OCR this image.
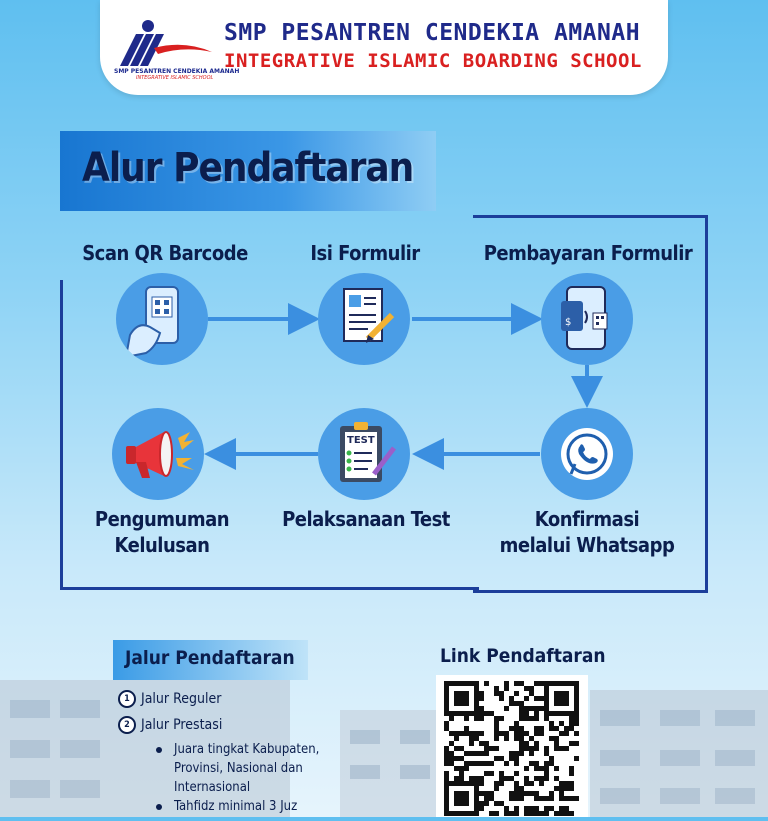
SMP PESANTREN CENDEKIA AMANAH
INTEGRATIVE ISLAMIC SCHOOL
SMP PESANTREN CENDEKIA AMANAH
INTEGRATIVE ISLAMIC BOARDING SCHOOL
Alur Pendaftaran
Scan QR Barcode	Isi Formulir	Pembayaran Formulir
$
TEST
Pengumuman
Kelulusan
Pelaksanaan Test	Konfirmasi
melalui Whatsapp
Jalur Pendaftaran
1 Jalur Reguler
2 Jalur Prestasi
Juara tingkat Kabupaten,
Provinsi, Nasional dan
Internasional
Tahfidz minimal 3 Juz
Link Pendaftaran
